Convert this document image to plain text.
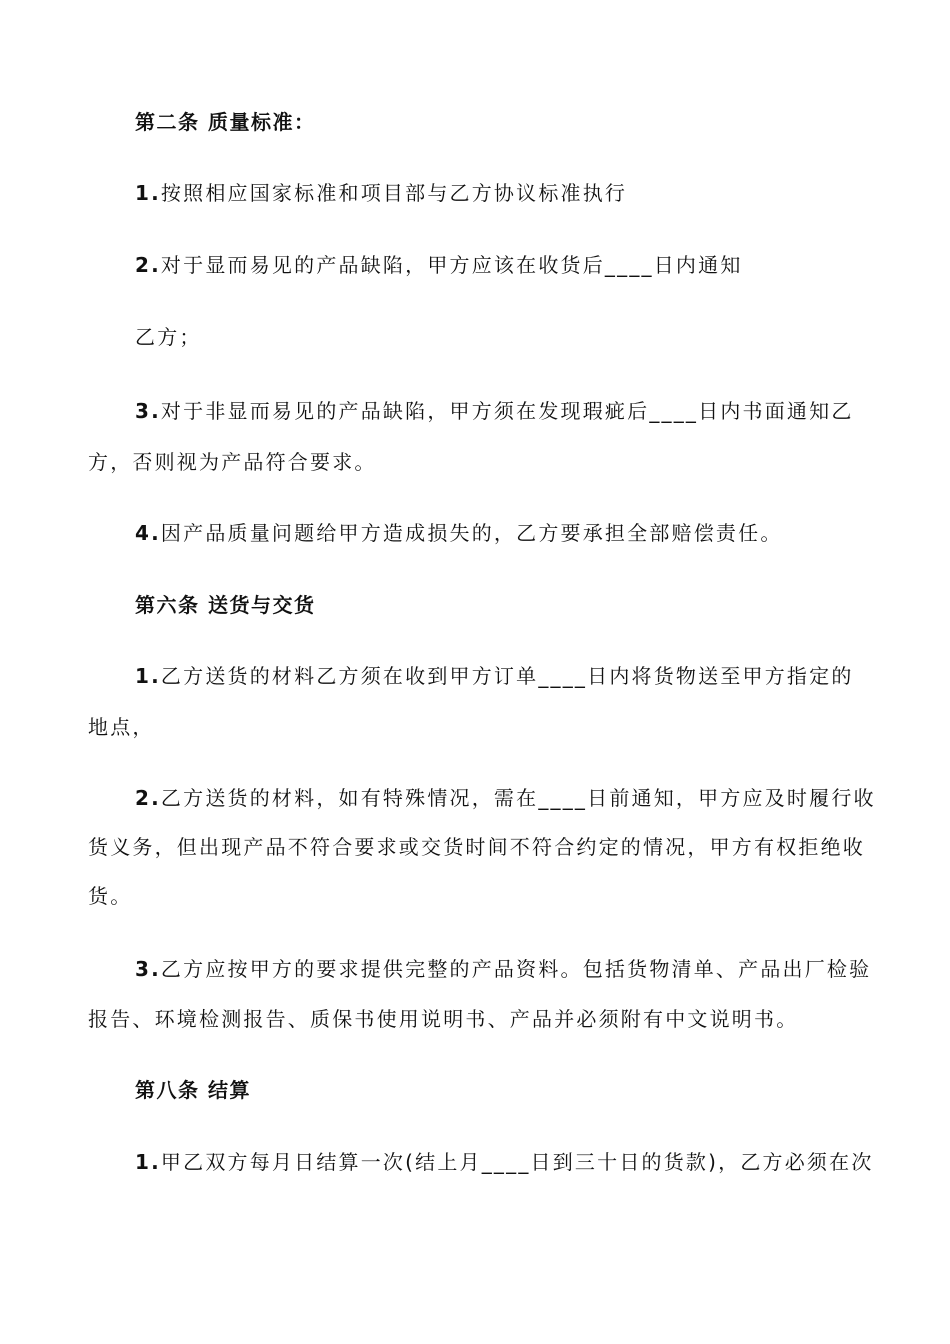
第二条 质量标准：
1.按照相应国家标准和项目部与乙方协议标准执行
2.对于显而易见的产品缺陷，甲方应该在收货后____日内通知
乙方；
3.对于非显而易见的产品缺陷，甲方须在发现瑕疵后____日内书面通知乙
方，否则视为产品符合要求。
4.因产品质量问题给甲方造成损失的，乙方要承担全部赔偿责任。
第六条 送货与交货
1.乙方送货的材料乙方须在收到甲方订单____日内将货物送至甲方指定的
地点，
2.乙方送货的材料，如有特殊情况，需在____日前通知，甲方应及时履行收
货义务，但出现产品不符合要求或交货时间不符合约定的情况，甲方有权拒绝收
货。
3.乙方应按甲方的要求提供完整的产品资料。包括货物清单、产品出厂检验
报告、环境检测报告、质保书使用说明书、产品并必须附有中文说明书。
第八条 结算
1.甲乙双方每月日结算一次(结上月____日到三十日的货款)，乙方必须在次
